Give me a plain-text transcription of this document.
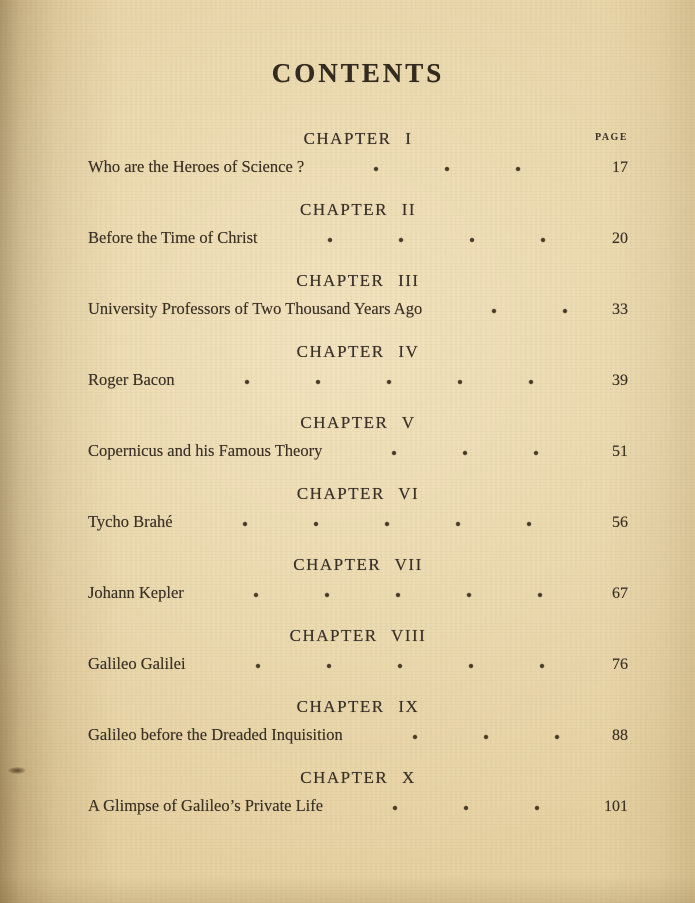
CONTENTS
CHAPTER I	PAGE
Who are the Heroes of Science ?	17
CHAPTER II
Before the Time of Christ	20
CHAPTER III
University Professors of Two Thousand Years Ago	33
CHAPTER IV
Roger Bacon	39
CHAPTER V
Copernicus and his Famous Theory	51
CHAPTER VI
Tycho Brahé	56
CHAPTER VII
Johann Kepler	67
CHAPTER VIII
Galileo Galilei	76
CHAPTER IX
Galileo before the Dreaded Inquisition	88
CHAPTER X
A Glimpse of Galileo’s Private Life	101
